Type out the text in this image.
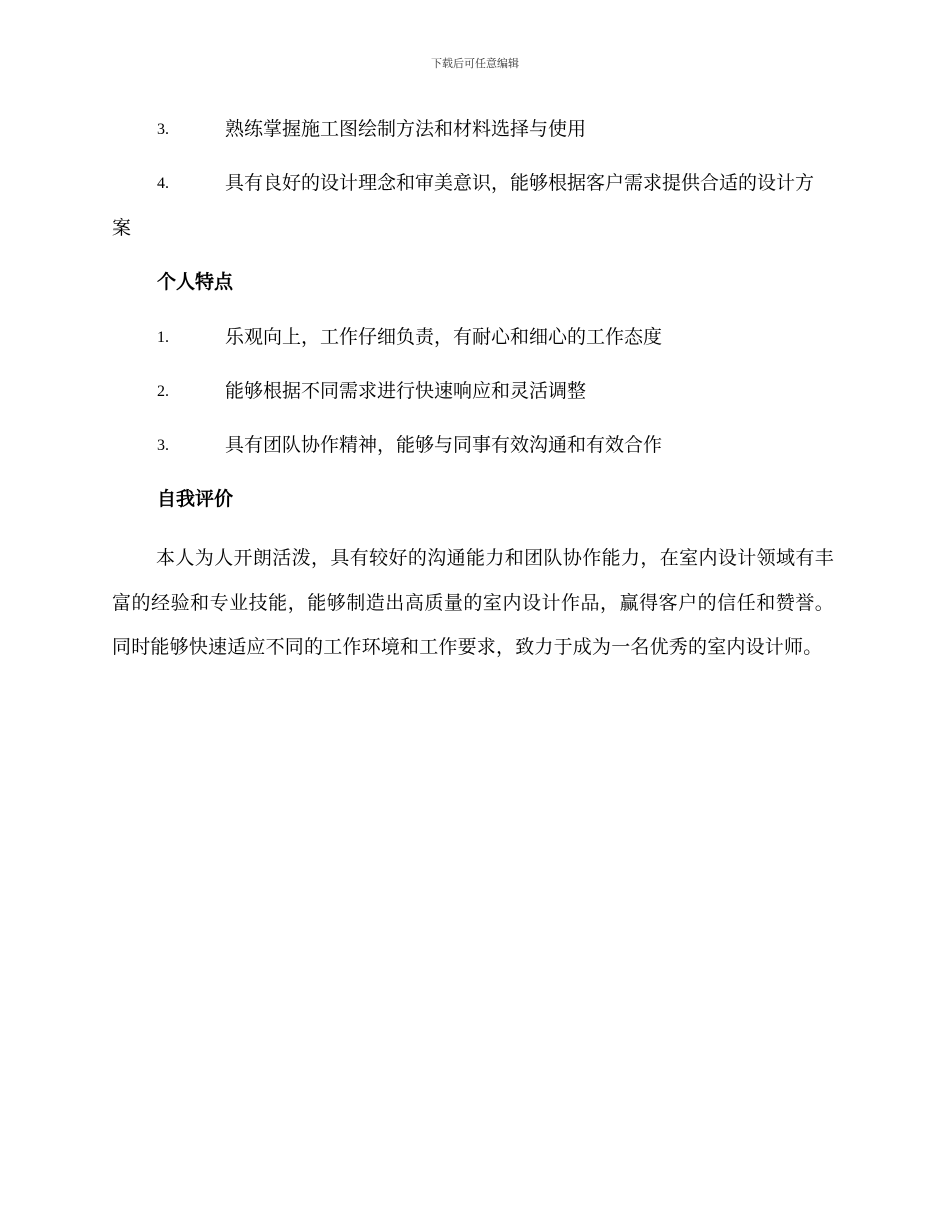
下载后可任意编辑
3.	熟练掌握施工图绘制方法和材料选择与使用
4.	具有良好的设计理念和审美意识，能够根据客户需求提供合适的设计方案
个人特点
1.	乐观向上，工作仔细负责，有耐心和细心的工作态度
2.	能够根据不同需求进行快速响应和灵活调整
3.	具有团队协作精神，能够与同事有效沟通和有效合作
自我评价
本人为人开朗活泼，具有较好的沟通能力和团队协作能力，在室内设计领域有丰富的经验和专业技能，能够制造出高质量的室内设计作品，赢得客户的信任和赞誉。同时能够快速适应不同的工作环境和工作要求，致力于成为一名优秀的室内设计师。
